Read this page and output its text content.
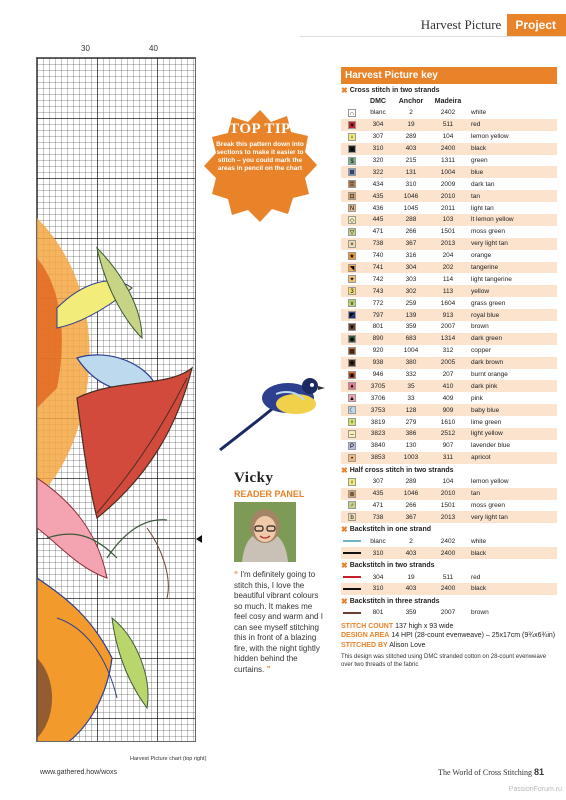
Harvest Picture	Project
30	40
Harvest Picture chart (top right)
TOP TIP

Break this pattern down into sections to make it easier to stitch – you could mark the areas in pencil on the chart

Vicky
READER PANEL
“ I'm definitely going to stitch this, I love the beautiful vibrant colours so much. It makes me feel cosy and warm and I can see myself stitching this in front of a blazing fire, with the night tightly hidden behind the curtains. ”
Harvest Picture key
✖ Cross stitch in two strands
DMC	Anchor	Madeira
∩	blanc	2	2402	white
♥	304	19	511	red
♀	307	289	104	lemon yellow
■	310	403	2400	black
$	320	215	1311	green
⊠	322	131	1004	blue
♖	434	310	2009	dark tan
⊡	435	1046	2010	tan
N	436	1045	2011	light tan
◇	445	288	103	lt lemon yellow
▽	471	266	1501	moss green
×	738	367	2013	very light tan
★	740	316	204	orange
◥	741	304	202	tangerine
✦	742	303	114	light tangerine
3	743	302	113	yellow
v	772	259	1604	grass green
◩	797	139	913	royal blue
▼	801	359	2007	brown
◆	890	683	1314	dark green
▦	920	1004	312	copper
✚	938	380	2005	dark brown
▣	946	332	207	burnt orange
♦	3705	35	410	dark pink
▲	3706	33	409	pink
☾	3753	128	909	baby blue
♆	3819	279	1610	lime green
–	3823	386	2512	light yellow
P	3840	130	907	lavender blue
•	3853	1003	311	apricot
✖ Half cross stitch in two strands
♀	307	289	104	lemon yellow
⊛	435	1046	2010	tan
♂	471	266	1501	moss green
b	738	367	2013	very light tan
✖ Backstitch in one strand
blanc	2	2402	white
310	403	2400	black
✖ Backstitch in two strands
304	19	511	red
310	403	2400	black
✖ Backstitch in three strands
801	359	2007	brown
STITCH COUNT 137 high x 93 wide
DESIGN AREA 14 HPI (28-count evenweave) – 25x17cm (9¾x6¾in)
STITCHED BY Alison Love
This design was stitched using DMC stranded cotton on 28-count evenweave over two threads of the fabric
www.gathered.how/woxs	The World of Cross Stitching 81
PassionForum.ru
